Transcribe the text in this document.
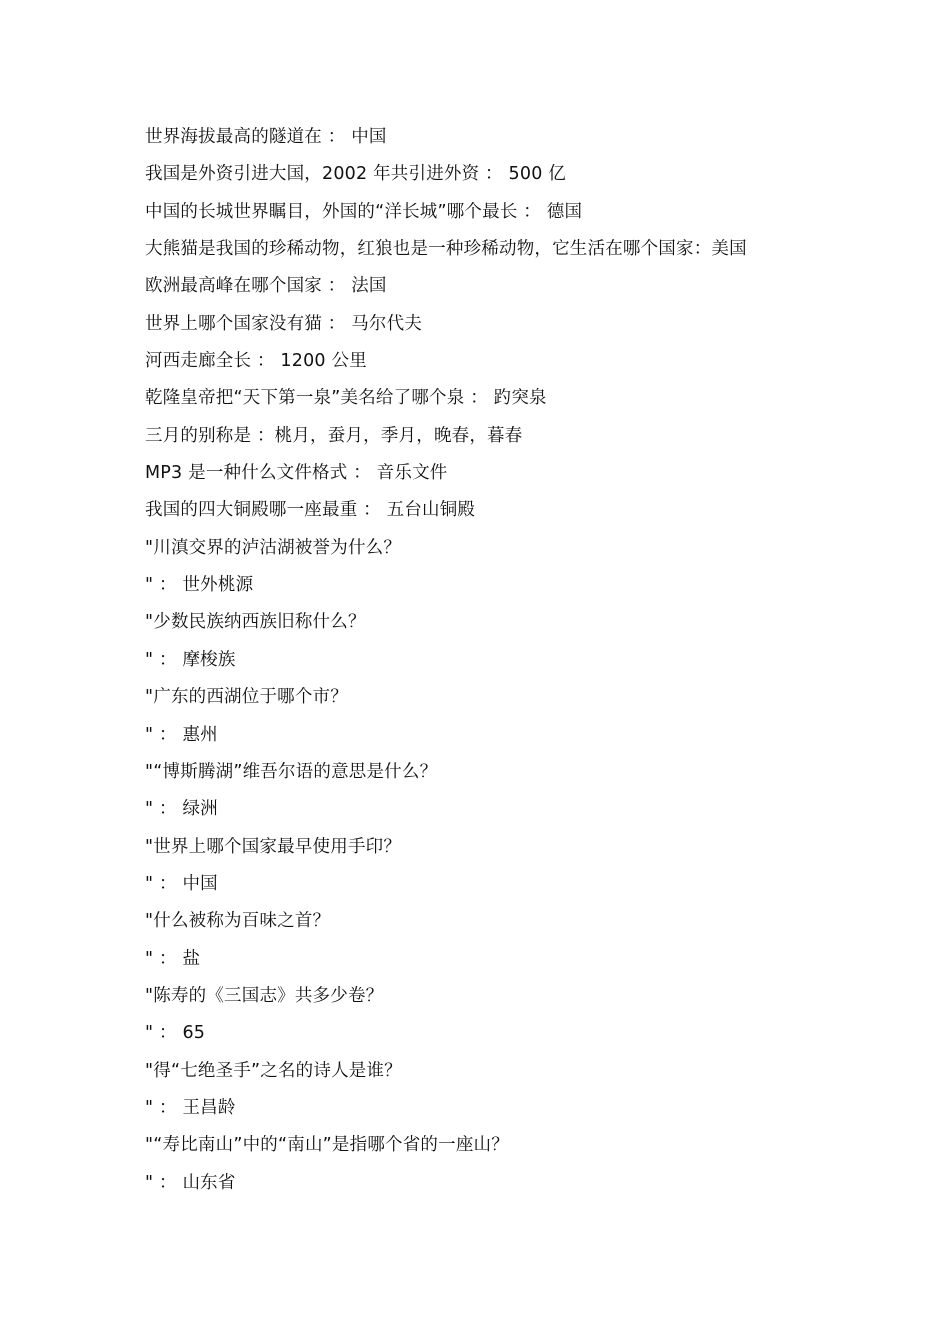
世界海拔最高的隧道在 ： 中国
我国是外资引进大国，2002 年共引进外资 ： 500 亿
中国的长城世界瞩目，外国的“洋长城”哪个最长 ： 德国
大熊猫是我国的珍稀动物，红狼也是一种珍稀动物，它生活在哪个国家：美国
欧洲最高峰在哪个国家 ： 法国
世界上哪个国家没有猫 ： 马尔代夫
河西走廊全长 ： 1200 公里
乾隆皇帝把“天下第一泉”美名给了哪个泉 ： 趵突泉
三月的别称是 ：桃月，蚕月，季月，晚春，暮春
MP3 是一种什么文件格式 ： 音乐文件
我国的四大铜殿哪一座最重 ： 五台山铜殿
"川滇交界的泸沽湖被誉为什么？
" ： 世外桃源
"少数民族纳西族旧称什么？
" ： 摩梭族
"广东的西湖位于哪个市？
" ： 惠州
"“博斯腾湖”维吾尔语的意思是什么？
" ： 绿洲
"世界上哪个国家最早使用手印？
" ： 中国
"什么被称为百味之首？
" ： 盐
"陈寿的《三国志》共多少卷？
" ： 65
"得“七绝圣手”之名的诗人是谁？
" ： 王昌龄
"“寿比南山”中的“南山”是指哪个省的一座山？
" ： 山东省
